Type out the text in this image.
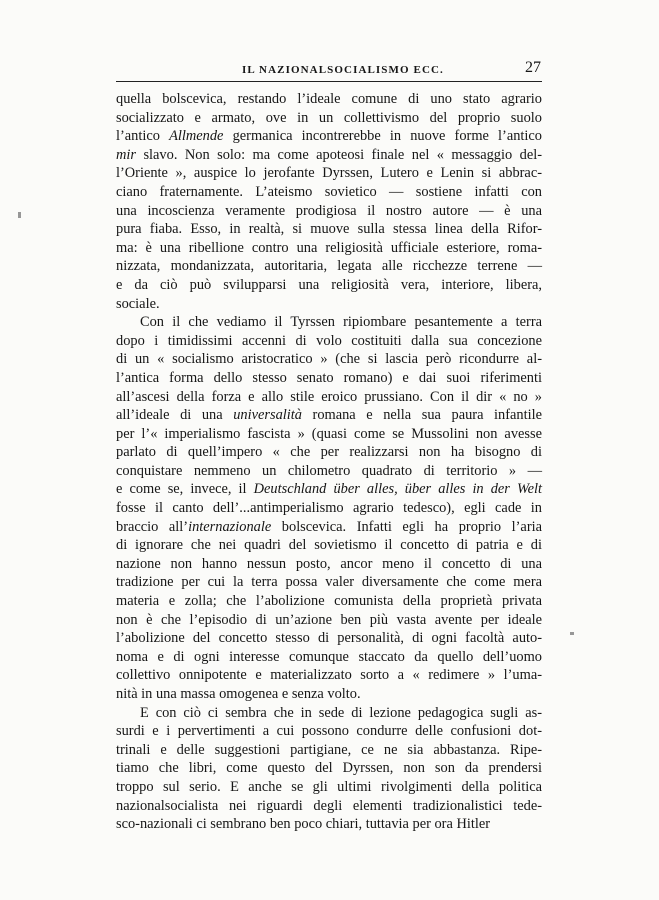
IL NAZIONALSOCIALISMO ECC.	27
quella bolscevica, restando l’ideale comune di uno stato agrario
socializzato e armato, ove in un collettivismo del proprio suolo
l’antico Allmende germanica incontrerebbe in nuove forme l’antico
mir slavo. Non solo: ma come apoteosi finale nel « messaggio del-
l’Oriente », auspice lo jerofante Dyrssen, Lutero e Lenin si abbrac-
ciano fraternamente. L’ateismo sovietico — sostiene infatti con
una incoscienza veramente prodigiosa il nostro autore — è una
pura fiaba. Esso, in realtà, si muove sulla stessa linea della Rifor-
ma: è una ribellione contro una religiosità ufficiale esteriore, roma-
nizzata, mondanizzata, autoritaria, legata alle ricchezze terrene —
e da ciò può svilupparsi una religiosità vera, interiore, libera,
sociale.
Con il che vediamo il Tyrssen ripiombare pesantemente a terra
dopo i timidissimi accenni di volo costituiti dalla sua concezione
di un « socialismo aristocratico » (che si lascia però ricondurre al-
l’antica forma dello stesso senato romano) e dai suoi riferimenti
all’ascesi della forza e allo stile eroico prussiano. Con il dir « no »
all’ideale di una universalità romana e nella sua paura infantile
per l’« imperialismo fascista » (quasi come se Mussolini non avesse
parlato di quell’impero « che per realizzarsi non ha bisogno di
conquistare nemmeno un chilometro quadrato di territorio » —
e come se, invece, il Deutschland über alles, über alles in der Welt
fosse il canto dell’...antimperialismo agrario tedesco), egli cade in
braccio all’internazionale bolscevica. Infatti egli ha proprio l’aria
di ignorare che nei quadri del sovietismo il concetto di patria e di
nazione non hanno nessun posto, ancor meno il concetto di una
tradizione per cui la terra possa valer diversamente che come mera
materia e zolla; che l’abolizione comunista della proprietà privata
non è che l’episodio di un’azione ben più vasta avente per ideale
l’abolizione del concetto stesso di personalità, di ogni facoltà auto-
noma e di ogni interesse comunque staccato da quello dell’uomo
collettivo onnipotente e materializzato sorto a « redimere » l’uma-
nità in una massa omogenea e senza volto.
E con ciò ci sembra che in sede di lezione pedagogica sugli as-
surdi e i pervertimenti a cui possono condurre delle confusioni dot-
trinali e delle suggestioni partigiane, ce ne sia abbastanza. Ripe-
tiamo che libri, come questo del Dyrssen, non son da prendersi
troppo sul serio. E anche se gli ultimi rivolgimenti della politica
nazionalsocialista nei riguardi degli elementi tradizionalistici tede-
sco-nazionali ci sembrano ben poco chiari, tuttavia per ora Hitler
